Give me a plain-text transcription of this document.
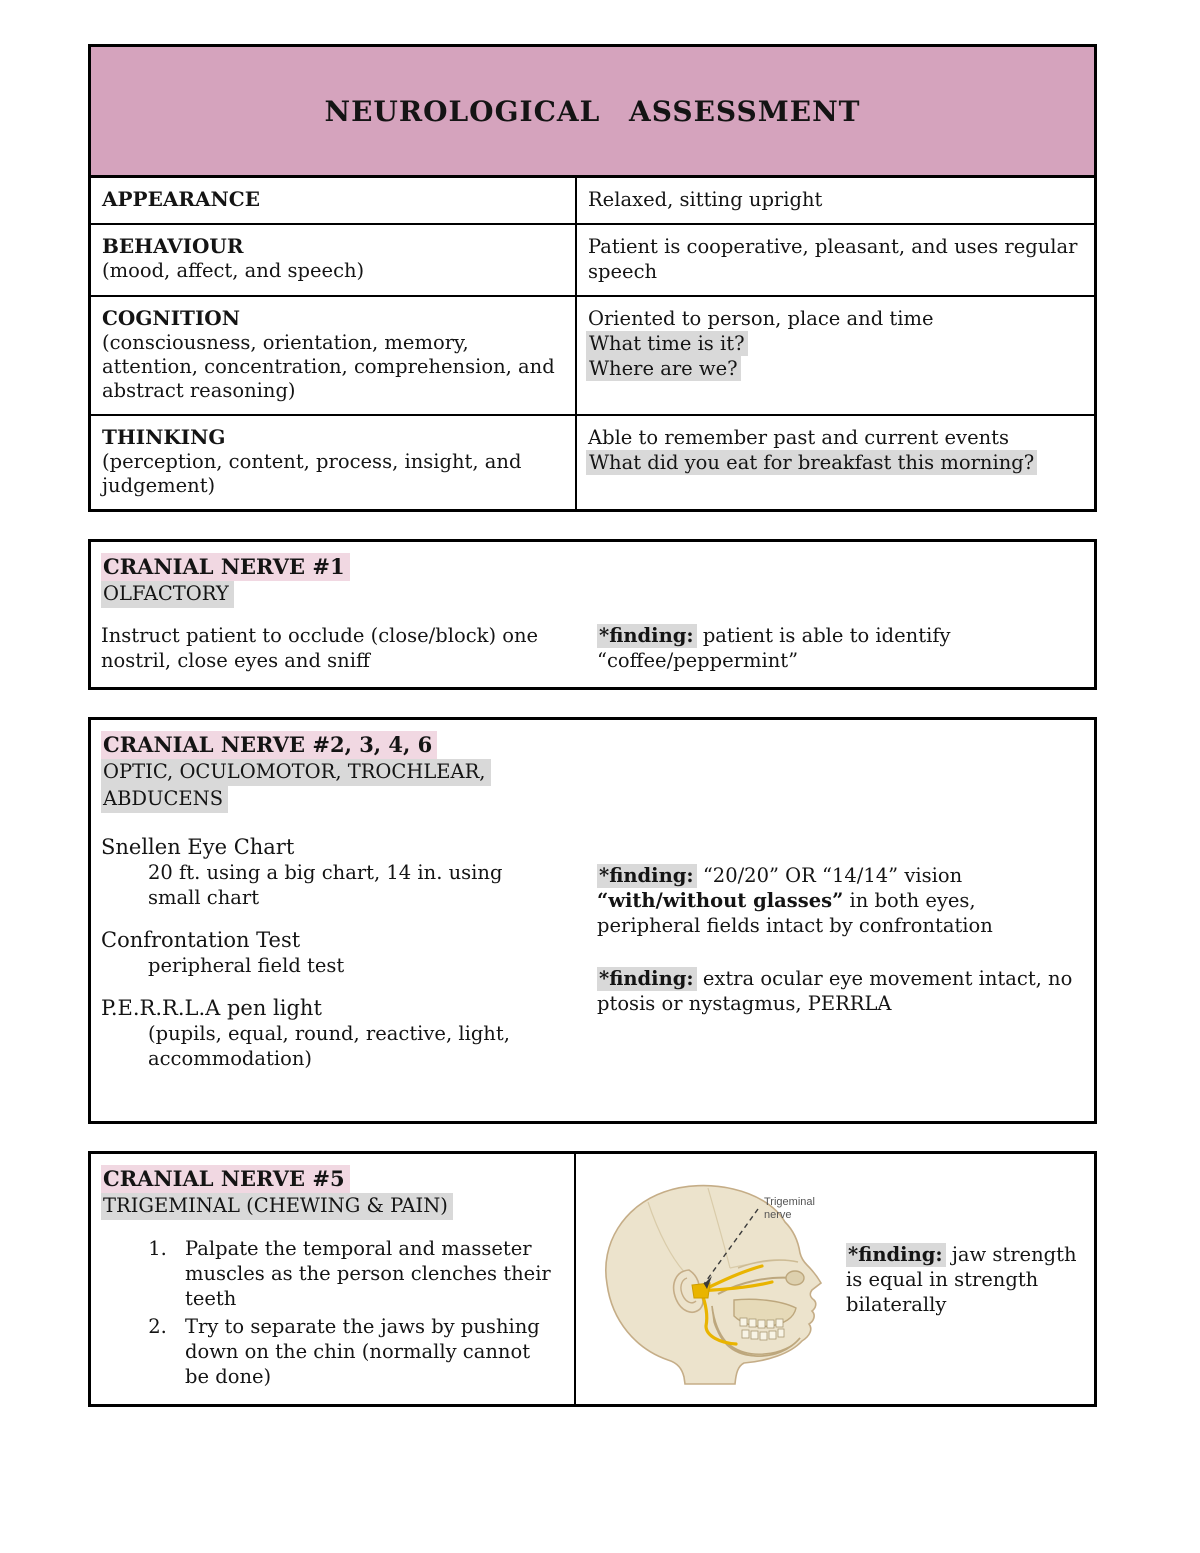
NEUROLOGICAL ASSESSMENT
APPEARANCE	Relaxed, sitting upright
BEHAVIOUR
(mood, affect, and speech)
Patient is cooperative, pleasant, and uses regular speech
COGNITION
(consciousness, orientation, memory, attention, concentration, comprehension, and abstract reasoning)
Oriented to person, place and time
What time is it?
Where are we?
THINKING
(perception, content, process, insight, and judgement)
Able to remember past and current events
What did you eat for breakfast this morning?
CRANIAL NERVE #1
OLFACTORY

Instruct patient to occlude (close/block) one nostril, close eyes and sniff

*finding: patient is able to identify “coffee/peppermint”

CRANIAL NERVE #2, 3, 4, 6
OPTIC, OCULOMOTOR, TROCHLEAR,
ABDUCENS
Snellen Eye Chart
20 ft. using a big chart, 14 in. using small chart
Confrontation Test
peripheral field test
P.E.R.R.L.A pen light
(pupils, equal, round, reactive, light, accommodation)

*finding: “20/20” OR “14/14” vision “with/without glasses” in both eyes, peripheral fields intact by confrontation

*finding: extra ocular eye movement intact, no ptosis or nystagmus, PERRLA

CRANIAL NERVE #5
TRIGEMINAL (CHEWING & PAIN)
1. Palpate the temporal and masseter muscles as the person clenches their teeth
2. Try to separate the jaws by pushing down on the chin (normally cannot be done)
Trigeminal
nerve

*finding: jaw strength is equal in strength bilaterally
